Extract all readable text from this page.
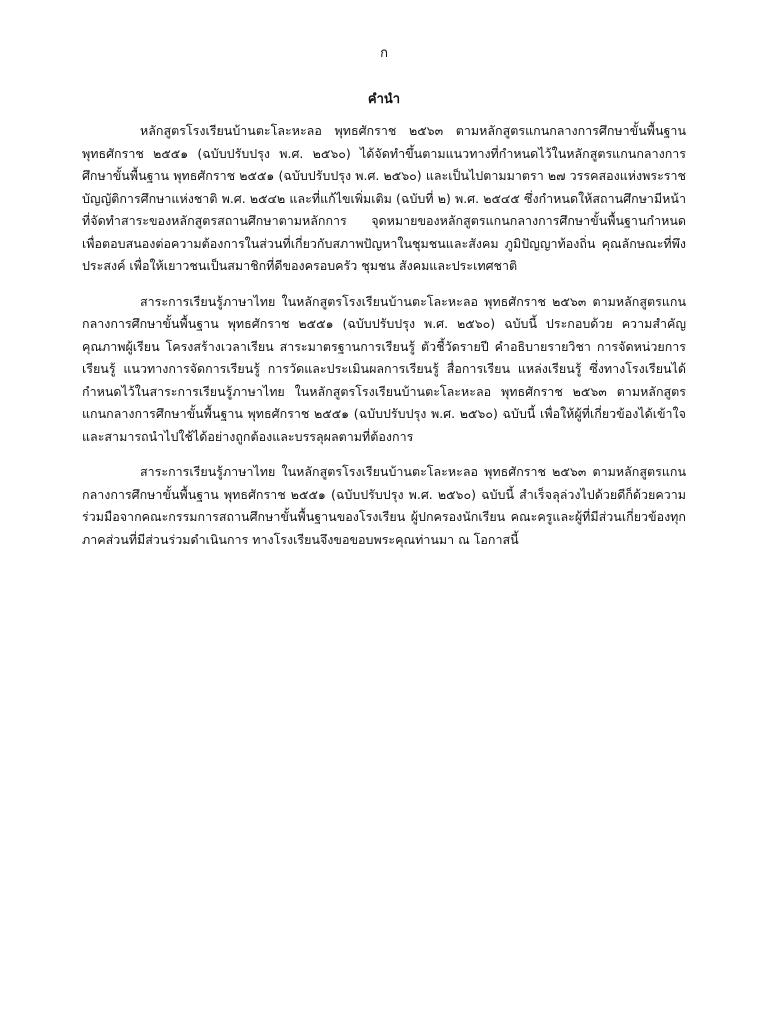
ก
คำนำ

หลักสูตรโรงเรียนบ้านตะโละหะลอ พุทธศักราช ๒๕๖๓ ตามหลักสูตรแกนกลางการศึกษาขั้นพื้นฐาน พุทธศักราช ๒๕๕๑ (ฉบับปรับปรุง พ.ศ. ๒๕๖๐) ได้จัดทำขึ้นตามแนวทางที่กำหนดไว้ในหลักสูตรแกนกลางการศึกษาขั้นพื้นฐาน พุทธศักราช ๒๕๕๑ (ฉบับปรับปรุง พ.ศ. ๒๕๖๐) และเป็นไปตามมาตรา ๒๗ วรรคสองแห่งพระราชบัญญัติการศึกษาแห่งชาติ พ.ศ. ๒๕๔๒ และที่แก้ไขเพิ่มเติม (ฉบับที่ ๒) พ.ศ. ๒๕๔๕ ซึ่งกำหนดให้สถานศึกษามีหน้าที่จัดทำสาระของหลักสูตรสถานศึกษาตามหลักการ จุดหมายของหลักสูตรแกนกลางการศึกษาขั้นพื้นฐานกำหนด เพื่อตอบสนองต่อความต้องการในส่วนที่เกี่ยวกับสภาพปัญหาในชุมชนและสังคม ภูมิปัญญาท้องถิ่น คุณลักษณะที่พึงประสงค์ เพื่อให้เยาวชนเป็นสมาชิกที่ดีของครอบครัว ชุมชน สังคมและประเทศชาติ

สาระการเรียนรู้ภาษาไทย ในหลักสูตรโรงเรียนบ้านตะโละหะลอ พุทธศักราช ๒๕๖๓ ตามหลักสูตรแกนกลางการศึกษาขั้นพื้นฐาน พุทธศักราช ๒๕๕๑ (ฉบับปรับปรุง พ.ศ. ๒๕๖๐) ฉบับนี้ ประกอบด้วย ความสำคัญ คุณภาพผู้เรียน โครงสร้างเวลาเรียน สาระมาตรฐานการเรียนรู้ ตัวชี้วัดรายปี คำอธิบายรายวิชา การจัดหน่วยการเรียนรู้ แนวทางการจัดการเรียนรู้ การวัดและประเมินผลการเรียนรู้ สื่อการเรียน แหล่งเรียนรู้ ซึ่งทางโรงเรียนได้กำหนดไว้ในสาระการเรียนรู้ภาษาไทย ในหลักสูตรโรงเรียนบ้านตะโละหะลอ พุทธศักราช ๒๕๖๓ ตามหลักสูตรแกนกลางการศึกษาขั้นพื้นฐาน พุทธศักราช ๒๕๕๑ (ฉบับปรับปรุง พ.ศ. ๒๕๖๐) ฉบับนี้ เพื่อให้ผู้ที่เกี่ยวข้องได้เข้าใจ และสามารถนำไปใช้ได้อย่างถูกต้องและบรรลุผลตามที่ต้องการ

สาระการเรียนรู้ภาษาไทย ในหลักสูตรโรงเรียนบ้านตะโละหะลอ พุทธศักราช ๒๕๖๓ ตามหลักสูตรแกนกลางการศึกษาขั้นพื้นฐาน พุทธศักราช ๒๕๕๑ (ฉบับปรับปรุง พ.ศ. ๒๕๖๐) ฉบับนี้ สำเร็จลุล่วงไปด้วยดีก็ด้วยความร่วมมือจากคณะกรรมการสถานศึกษาขั้นพื้นฐานของโรงเรียน ผู้ปกครองนักเรียน คณะครูและผู้ที่มีส่วนเกี่ยวข้องทุกภาคส่วนที่มีส่วนร่วมดำเนินการ ทางโรงเรียนจึงขอขอบพระคุณท่านมา ณ โอกาสนี้
